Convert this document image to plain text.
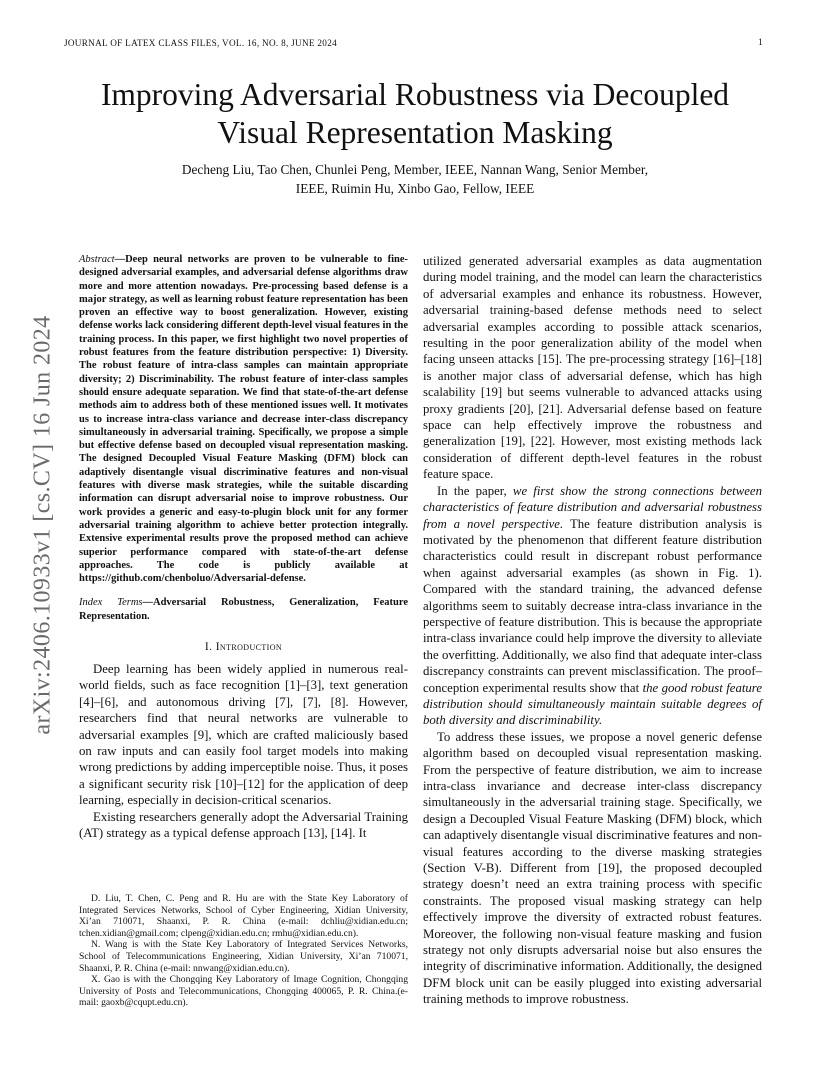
JOURNAL OF LATEX CLASS FILES, VOL. 16, NO. 8, JUNE 2024	1
arXiv:2406.10933v1 [cs.CV] 16 Jun 2024
Improving Adversarial Robustness via Decoupled Visual Representation Masking
Decheng Liu, Tao Chen, Chunlei Peng, Member, IEEE, Nannan Wang, Senior Member,
IEEE, Ruimin Hu, Xinbo Gao, Fellow, IEEE
Abstract—Deep neural networks are proven to be vulnerable to fine-designed adversarial examples, and adversarial defense algorithms draw more and more attention nowadays. Pre-processing based defense is a major strategy, as well as learning robust feature representation has been proven an effective way to boost generalization. However, existing defense works lack considering different depth-level visual features in the training process. In this paper, we first highlight two novel properties of robust features from the feature distribution perspective: 1) Diversity. The robust feature of intra-class samples can maintain appropriate diversity; 2) Discriminability. The robust feature of inter-class samples should ensure adequate separation. We find that state-of-the-art defense methods aim to address both of these mentioned issues well. It motivates us to increase intra-class variance and decrease inter-class discrepancy simultaneously in adversarial training. Specifically, we propose a simple but effective defense based on decoupled visual representation masking. The designed Decoupled Visual Feature Masking (DFM) block can adaptively disentangle visual discriminative features and non-visual features with diverse mask strategies, while the suitable discarding information can disrupt adversarial noise to improve robustness. Our work provides a generic and easy-to-plugin block unit for any former adversarial training algorithm to achieve better protection integrally. Extensive experimental results prove the proposed method can achieve superior performance compared with state-of-the-art defense approaches. The code is publicly available at https://github.com/chenboluo/Adversarial-defense.
Index Terms—Adversarial Robustness, Generalization, Feature Representation.
I. Introduction

Deep learning has been widely applied in numerous real-world fields, such as face recognition [1]–[3], text generation [4]–[6], and autonomous driving [7], [7], [8]. However, researchers find that neural networks are vulnerable to adversarial examples [9], which are crafted maliciously based on raw inputs and can easily fool target models into making wrong predictions by adding imperceptible noise. Thus, it poses a significant security risk [10]–[12] for the application of deep learning, especially in decision-critical scenarios.

Existing researchers generally adopt the Adversarial Training (AT) strategy as a typical defense approach [13], [14]. It

D. Liu, T. Chen, C. Peng and R. Hu are with the State Key Laboratory of Integrated Services Networks, School of Cyber Engineering, Xidian University, Xi’an 710071, Shaanxi, P. R. China (e-mail: dchliu@xidian.edu.cn; tchen.xidian@gmail.com; clpeng@xidian.edu.cn; rmhu@xidian.edu.cn).

N. Wang is with the State Key Laboratory of Integrated Services Networks, School of Telecommunications Engineering, Xidian University, Xi’an 710071, Shaanxi, P. R. China (e-mail: nnwang@xidian.edu.cn).

X. Gao is with the Chongqing Key Laboratory of Image Cognition, Chongqing University of Posts and Telecommunications, Chongqing 400065, P. R. China.(e-mail: gaoxb@cqupt.edu.cn).

utilized generated adversarial examples as data augmentation during model training, and the model can learn the characteristics of adversarial examples and enhance its robustness. However, adversarial training-based defense methods need to select adversarial examples according to possible attack scenarios, resulting in the poor generalization ability of the model when facing unseen attacks [15]. The pre-processing strategy [16]–[18] is another major class of adversarial defense, which has high scalability [19] but seems vulnerable to advanced attacks using proxy gradients [20], [21]. Adversarial defense based on feature space can help effectively improve the robustness and generalization [19], [22]. However, most existing methods lack consideration of different depth-level features in the robust feature space.

In the paper, we first show the strong connections between characteristics of feature distribution and adversarial robustness from a novel perspective. The feature distribution analysis is motivated by the phenomenon that different feature distribution characteristics could result in discrepant robust performance when against adversarial examples (as shown in Fig. 1). Compared with the standard training, the advanced defense algorithms seem to suitably decrease intra-class invariance in the perspective of feature distribution. This is because the appropriate intra-class invariance could help improve the diversity to alleviate the overfitting. Additionally, we also find that adequate inter-class discrepancy constraints can prevent misclassification. The proof–conception experimental results show that the good robust feature distribution should simultaneously maintain suitable degrees of both diversity and discriminability.

To address these issues, we propose a novel generic defense algorithm based on decoupled visual representation masking. From the perspective of feature distribution, we aim to increase intra-class invariance and decrease inter-class discrepancy simultaneously in the adversarial training stage. Specifically, we design a Decoupled Visual Feature Masking (DFM) block, which can adaptively disentangle visual discriminative features and non-visual features according to the diverse masking strategies (Section V-B). Different from [19], the proposed decoupled strategy doesn’t need an extra training process with specific constraints. The proposed visual masking strategy can help effectively improve the diversity of extracted robust features. Moreover, the following non-visual feature masking and fusion strategy not only disrupts adversarial noise but also ensures the integrity of discriminative information. Additionally, the designed DFM block unit can be easily plugged into existing adversarial training methods to improve robustness.
